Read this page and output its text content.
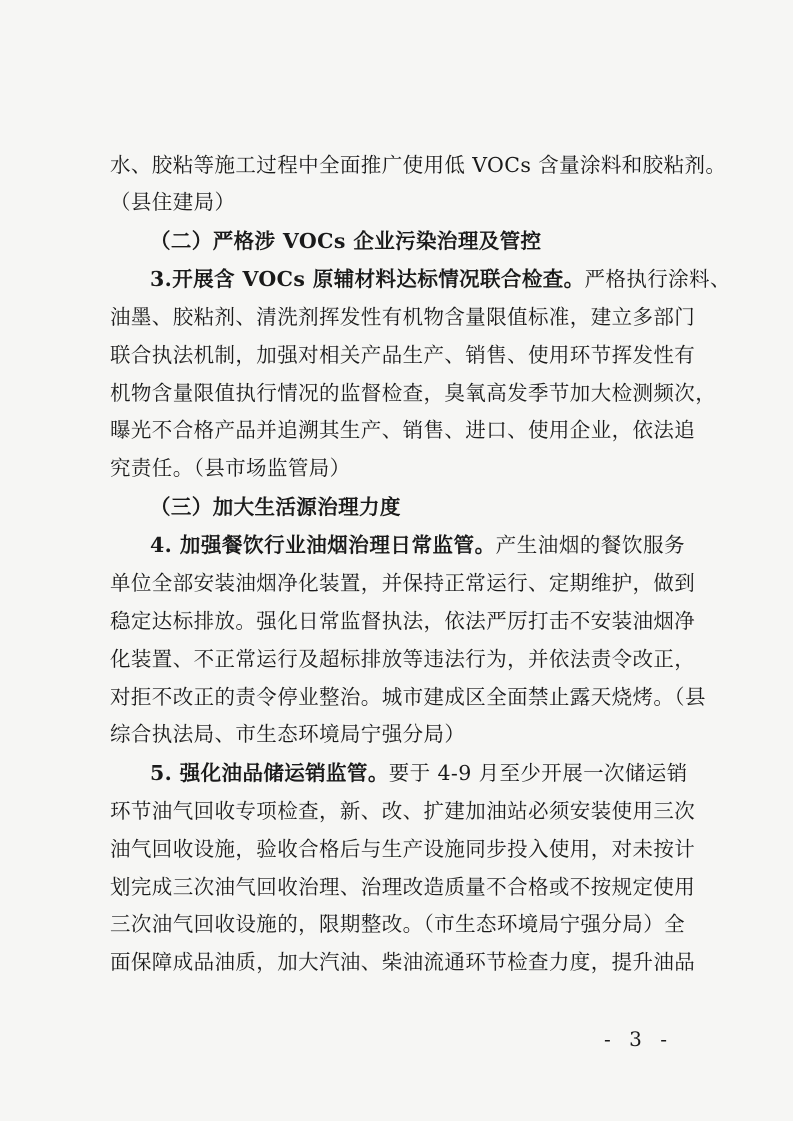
水、胶粘等施工过程中全面推广使用低 VOCs 含量涂料和胶粘剂。
（县住建局）
（二）严格涉 VOCs 企业污染治理及管控
3.开展含 VOCs 原辅材料达标情况联合检查。严格执行涂料、
油墨、胶粘剂、清洗剂挥发性有机物含量限值标准，建立多部门
联合执法机制，加强对相关产品生产、销售、使用环节挥发性有
机物含量限值执行情况的监督检查，臭氧高发季节加大检测频次，
曝光不合格产品并追溯其生产、销售、进口、使用企业，依法追
究责任。（县市场监管局）
（三）加大生活源治理力度
4. 加强餐饮行业油烟治理日常监管。产生油烟的餐饮服务
单位全部安装油烟净化装置，并保持正常运行、定期维护，做到
稳定达标排放。强化日常监督执法，依法严厉打击不安装油烟净
化装置、不正常运行及超标排放等违法行为，并依法责令改正，
对拒不改正的责令停业整治。城市建成区全面禁止露天烧烤。（县
综合执法局、市生态环境局宁强分局）
5. 强化油品储运销监管。要于 4-9 月至少开展一次储运销
环节油气回收专项检查，新、改、扩建加油站必须安装使用三次
油气回收设施，验收合格后与生产设施同步投入使用，对未按计
划完成三次油气回收治理、治理改造质量不合格或不按规定使用
三次油气回收设施的，限期整改。（市生态环境局宁强分局）全
面保障成品油质，加大汽油、柴油流通环节检查力度，提升油品
- 3 -
